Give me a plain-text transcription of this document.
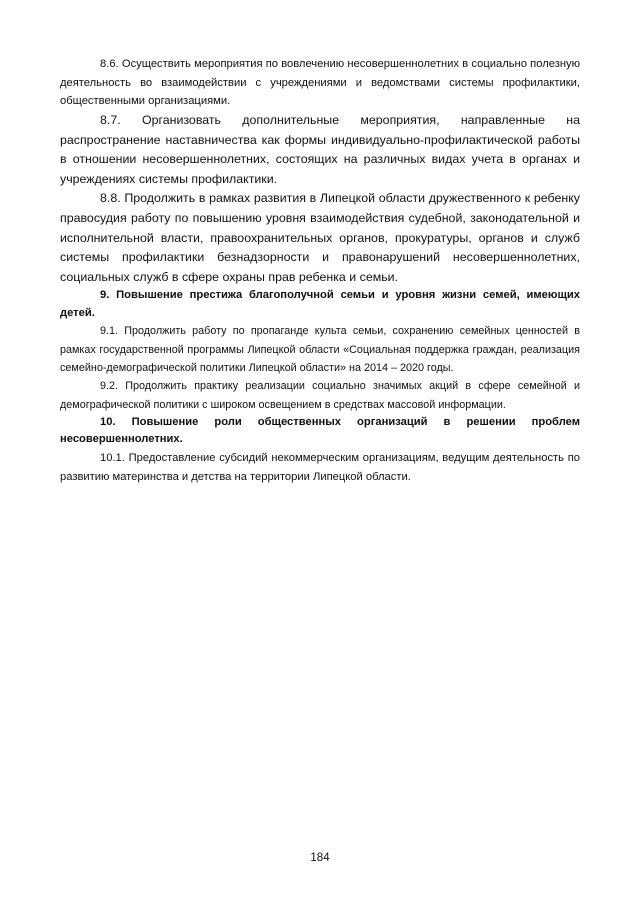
8.6. Осуществить мероприятия по вовлечению несовершеннолетних в социально полезную деятельность во взаимодействии с учреждениями и ведомствами системы профилактики, общественными организациями.

8.7. Организовать дополнительные мероприятия, направленные на распространение наставничества как формы индивидуально-профилактической работы в отношении несовершеннолетних, состоящих на различных видах учета в органах и учреждениях системы профилактики.

8.8. Продолжить в рамках развития в Липецкой области дружественного к ребенку правосудия работу по повышению уровня взаимодействия судебной, законодательной и исполнительной власти, правоохранительных органов, прокуратуры, органов и служб системы профилактики безнадзорности и правонарушений несовершеннолетних, социальных служб в сфере охраны прав ребенка и семьи.

9. Повышение престижа благополучной семьи и уровня жизни семей, имеющих детей.

9.1. Продолжить работу по пропаганде культа семьи, сохранению семейных ценностей в рамках государственной программы Липецкой области «Социальная поддержка граждан, реализация семейно-демографической политики Липецкой области» на 2014 – 2020 годы.

9.2. Продолжить практику реализации социально значимых акций в сфере семейной и демографической политики с широком освещением в средствах массовой информации.

10. Повышение роли общественных организаций в решении проблем несовершеннолетних.

10.1. Предоставление субсидий некоммерческим организациям, ведущим деятельность по развитию материнства и детства на территории Липецкой области.

184
